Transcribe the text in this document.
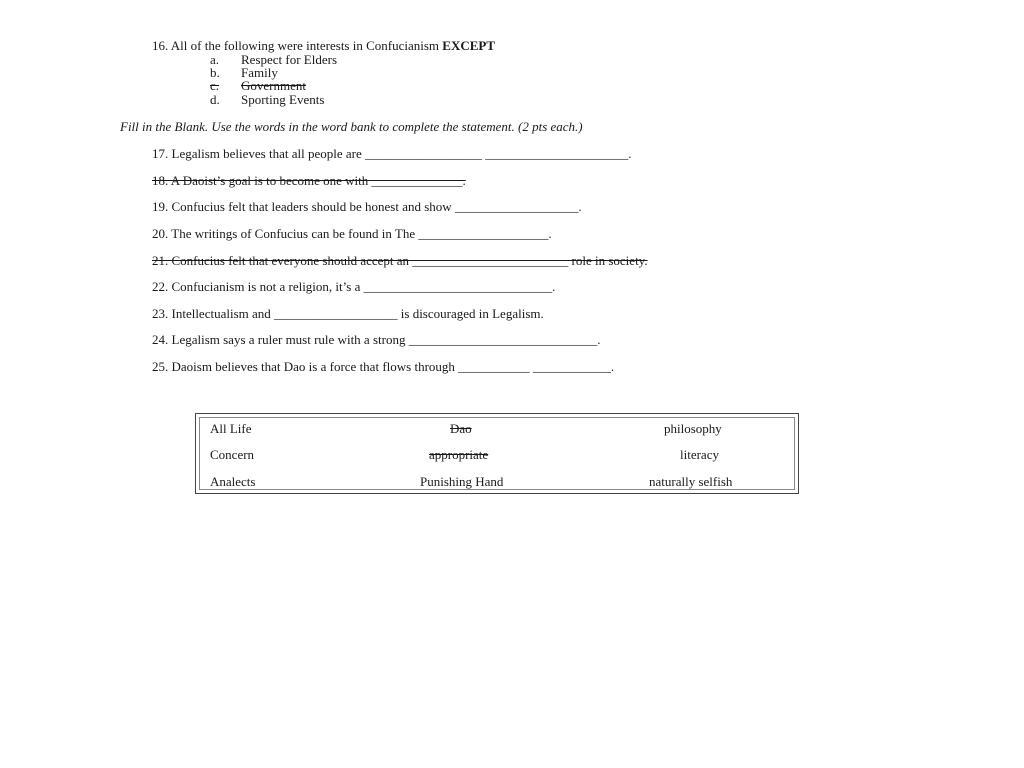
16. All of the following were interests in Confucianism EXCEPT
a. Respect for Elders
b. Family
c. Government
d. Sporting Events
Fill in the Blank. Use the words in the word bank to complete the statement. (2 pts each.)
17. Legalism believes that all people are __________________ ______________________.
18. A Daoist’s goal is to become one with ______________.
19. Confucius felt that leaders should be honest and show ___________________.
20. The writings of Confucius can be found in The ____________________.
21. Confucius felt that everyone should accept an ________________________ role in society.
22. Confucianism is not a religion, it’s a _____________________________.
23. Intellectualism and ___________________ is discouraged in Legalism.
24. Legalism says a ruler must rule with a strong _____________________________.
25. Daoism believes that Dao is a force that flows through ___________ ____________.
All Life	Dao	philosophy
Concern	appropriate	literacy
Analects	Punishing Hand	naturally selfish
